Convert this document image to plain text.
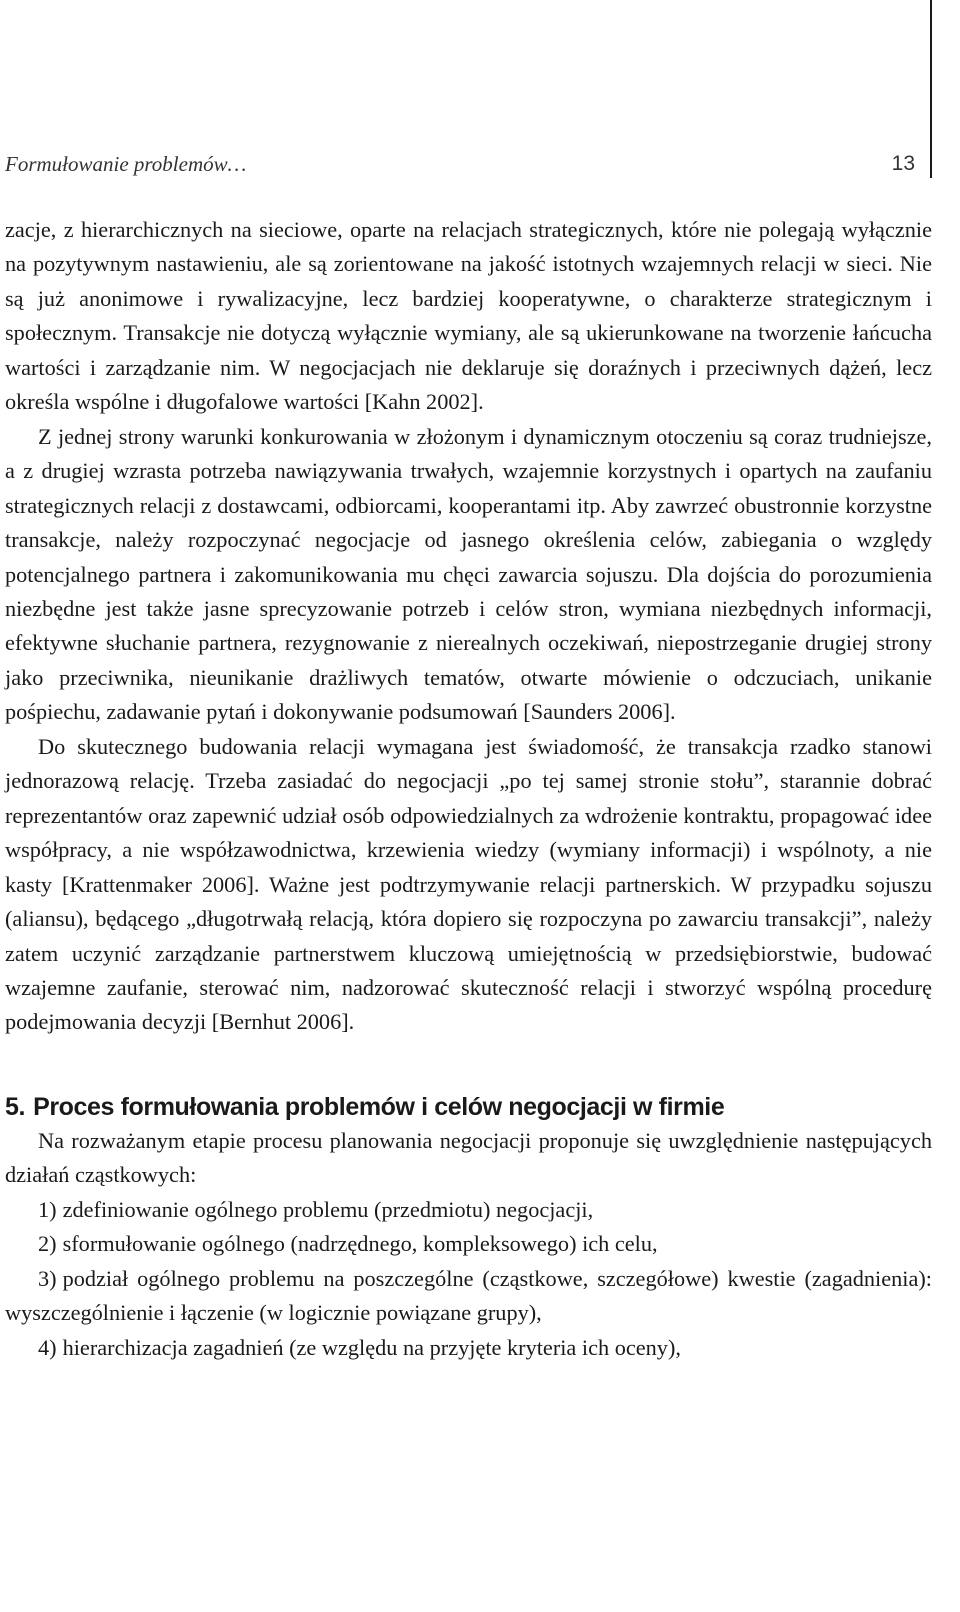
Formułowanie problemów…	13

zacje, z hierarchicznych na sieciowe, oparte na relacjach strategicznych, które nie polegają wyłącznie na pozytywnym nastawieniu, ale są zorientowane na jakość istotnych wzajemnych relacji w sieci. Nie są już anonimowe i rywalizacyjne, lecz bardziej kooperatywne, o charakterze strategicznym i społecznym. Transakcje nie dotyczą wyłącznie wymiany, ale są ukierunkowane na tworzenie łańcucha wartości i zarządzanie nim. W negocjacjach nie deklaruje się doraźnych i przeciwnych dążeń, lecz określa wspólne i długofalowe wartości [Kahn 2002].

Z jednej strony warunki konkurowania w złożonym i dynamicznym otoczeniu są coraz trudniejsze, a z drugiej wzrasta potrzeba nawiązywania trwałych, wzajemnie korzystnych i opartych na zaufaniu strategicznych relacji z dostawcami, odbiorcami, kooperantami itp. Aby zawrzeć obustronnie korzystne transakcje, należy rozpoczynać negocjacje od jasnego określenia celów, zabiegania o względy potencjalnego partnera i zakomunikowania mu chęci zawarcia sojuszu. Dla dojścia do porozumienia niezbędne jest także jasne sprecyzowanie potrzeb i celów stron, wymiana niezbędnych informacji, efektywne słuchanie partnera, rezygnowanie z nierealnych oczekiwań, niepostrzeganie drugiej strony jako przeciwnika, nieunikanie drażliwych tematów, otwarte mówienie o odczuciach, unikanie pośpiechu, zadawanie pytań i dokonywanie podsumowań [Saunders 2006].

Do skutecznego budowania relacji wymagana jest świadomość, że transakcja rzadko stanowi jednorazową relację. Trzeba zasiadać do negocjacji „po tej samej stronie stołu”, starannie dobrać reprezentantów oraz zapewnić udział osób odpowiedzialnych za wdrożenie kontraktu, propagować idee współpracy, a nie współzawodnictwa, krzewienia wiedzy (wymiany informacji) i wspólnoty, a nie kasty [Krattenmaker 2006]. Ważne jest podtrzymywanie relacji partnerskich. W przypadku sojuszu (aliansu), będącego „długotrwałą relacją, która dopiero się rozpoczyna po zawarciu transakcji”, należy zatem uczynić zarządzanie partnerstwem kluczową umiejętnością w przedsiębiorstwie, budować wzajemne zaufanie, sterować nim, nadzorować skuteczność relacji i stworzyć wspólną procedurę podejmowania decyzji [Bernhut 2006].

5. Proces formułowania problemów i celów negocjacji w firmie

Na rozważanym etapie procesu planowania negocjacji proponuje się uwzględnienie następujących działań cząstkowych:

1) zdefiniowanie ogólnego problemu (przedmiotu) negocjacji,
2) sformułowanie ogólnego (nadrzędnego, kompleksowego) ich celu,
3) podział ogólnego problemu na poszczególne (cząstkowe, szczegółowe) kwestie (zagadnienia): wyszczególnienie i łączenie (w logicznie powiązane grupy),
4) hierarchizacja zagadnień (ze względu na przyjęte kryteria ich oceny),
